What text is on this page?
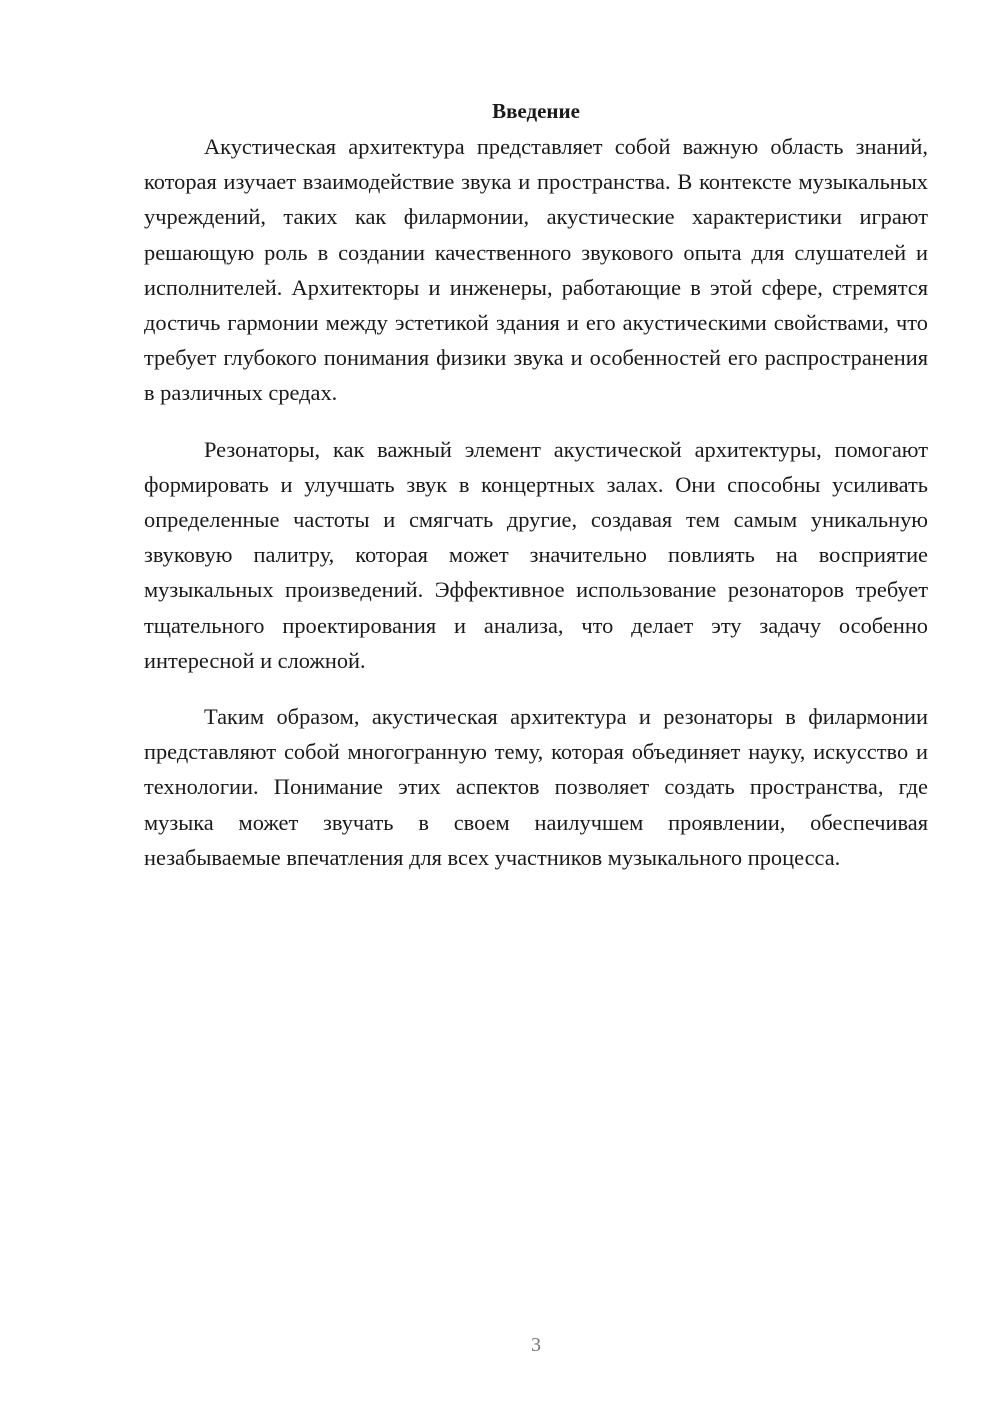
Введение

Акустическая архитектура представляет собой важную область знаний, которая изучает взаимодействие звука и пространства. В контексте музыкальных учреждений, таких как филармонии, акустические характеристики играют решающую роль в создании качественного звукового опыта для слушателей и исполнителей. Архитекторы и инженеры, работающие в этой сфере, стремятся достичь гармонии между эстетикой здания и его акустическими свойствами, что требует глубокого понимания физики звука и особенностей его распространения в различных средах.

Резонаторы, как важный элемент акустической архитектуры, помогают формировать и улучшать звук в концертных залах. Они способны усиливать определенные частоты и смягчать другие, создавая тем самым уникальную звуковую палитру, которая может значительно повлиять на восприятие музыкальных произведений. Эффективное использование резонаторов требует тщательного проектирования и анализа, что делает эту задачу особенно интересной и сложной.

Таким образом, акустическая архитектура и резонаторы в филармонии представляют собой многогранную тему, которая объединяет науку, искусство и технологии. Понимание этих аспектов позволяет создать пространства, где музыка может звучать в своем наилучшем проявлении, обеспечивая незабываемые впечатления для всех участников музыкального процесса.

3
